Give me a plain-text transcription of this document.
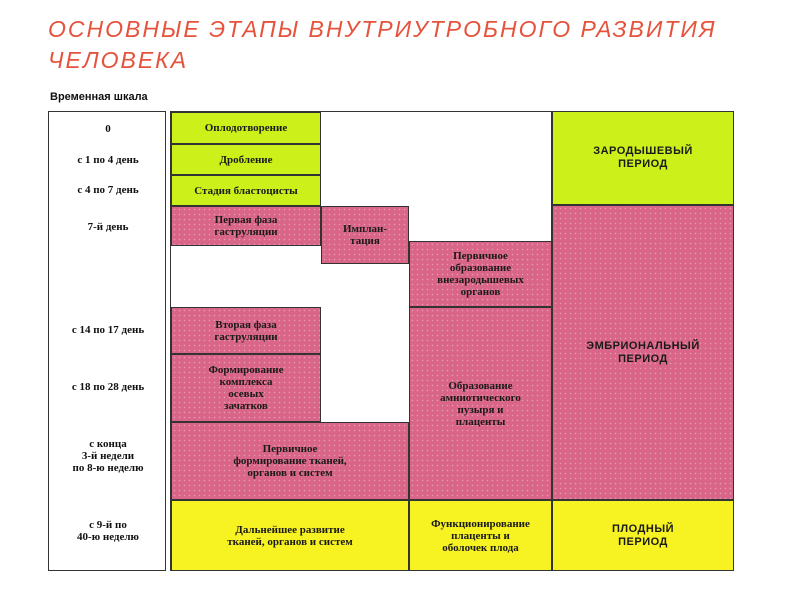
ОСНОВНЫЕ ЭТАПЫ ВНУТРИУТРОБНОГО РАЗВИТИЯ ЧЕЛОВЕКА
Временная шкала
0
с 1 по 4 день
с 4 по 7 день
7-й день
с 14 по 17 день
с 18 по 28 день
с конца
3-й недели
по 8-ю неделю
с 9-й по
40-ю неделю
Оплодотворение
Дробление
Стадия бластоцисты
Первая фаза
гаструляции
Вторая фаза
гаструляции
Формирование
комплекса
осевых
зачатков
Первичное
формирование тканей,
органов и систем
Дальнейшее развитие
тканей, органов и систем
Имплан-
тация
Первичное
образование
внезародышевых
органов
Образование
амниотического
пузыря и
плаценты
Функционирование
плаценты и
оболочек плода
ЗАРОДЫШЕВЫЙ
ПЕРИОД
ЭМБРИОНАЛЬНЫЙ
ПЕРИОД
ПЛОДНЫЙ
ПЕРИОД
